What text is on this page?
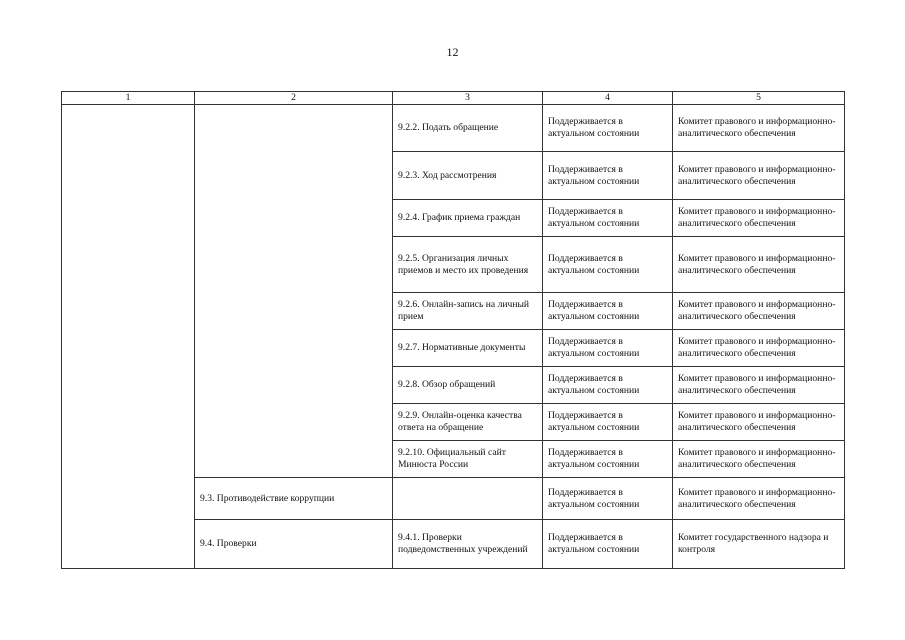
12
1	2	3	4	5
		9.2.2. Подать обращение	Поддерживается в актуальном состоянии	Комитет правового и информационно-аналитического обеспечения
		9.2.3. Ход рассмотрения	Поддерживается в актуальном состоянии	Комитет правового и информационно-аналитического обеспечения
		9.2.4. График приема граждан	Поддерживается в актуальном состоянии	Комитет правового и информационно-аналитического обеспечения
		9.2.5. Организация личных приемов и место их проведения	Поддерживается в актуальном состоянии	Комитет правового и информационно-аналитического обеспечения
		9.2.6. Онлайн-запись на личный прием	Поддерживается в актуальном состоянии	Комитет правового и информационно-аналитического обеспечения
		9.2.7. Нормативные документы	Поддерживается в актуальном состоянии	Комитет правового и информационно-аналитического обеспечения
		9.2.8. Обзор обращений	Поддерживается в актуальном состоянии	Комитет правового и информационно-аналитического обеспечения
		9.2.9. Онлайн-оценка качества ответа на обращение	Поддерживается в актуальном состоянии	Комитет правового и информационно-аналитического обеспечения
		9.2.10. Официальный сайт Минюста России	Поддерживается в актуальном состоянии	Комитет правового и информационно-аналитического обеспечения
	9.3. Противодействие коррупции		Поддерживается в актуальном состоянии	Комитет правового и информационно-аналитического обеспечения
	9.4. Проверки	9.4.1. Проверки подведомственных учреждений	Поддерживается в актуальном состоянии	Комитет государственного надзора и контроля
